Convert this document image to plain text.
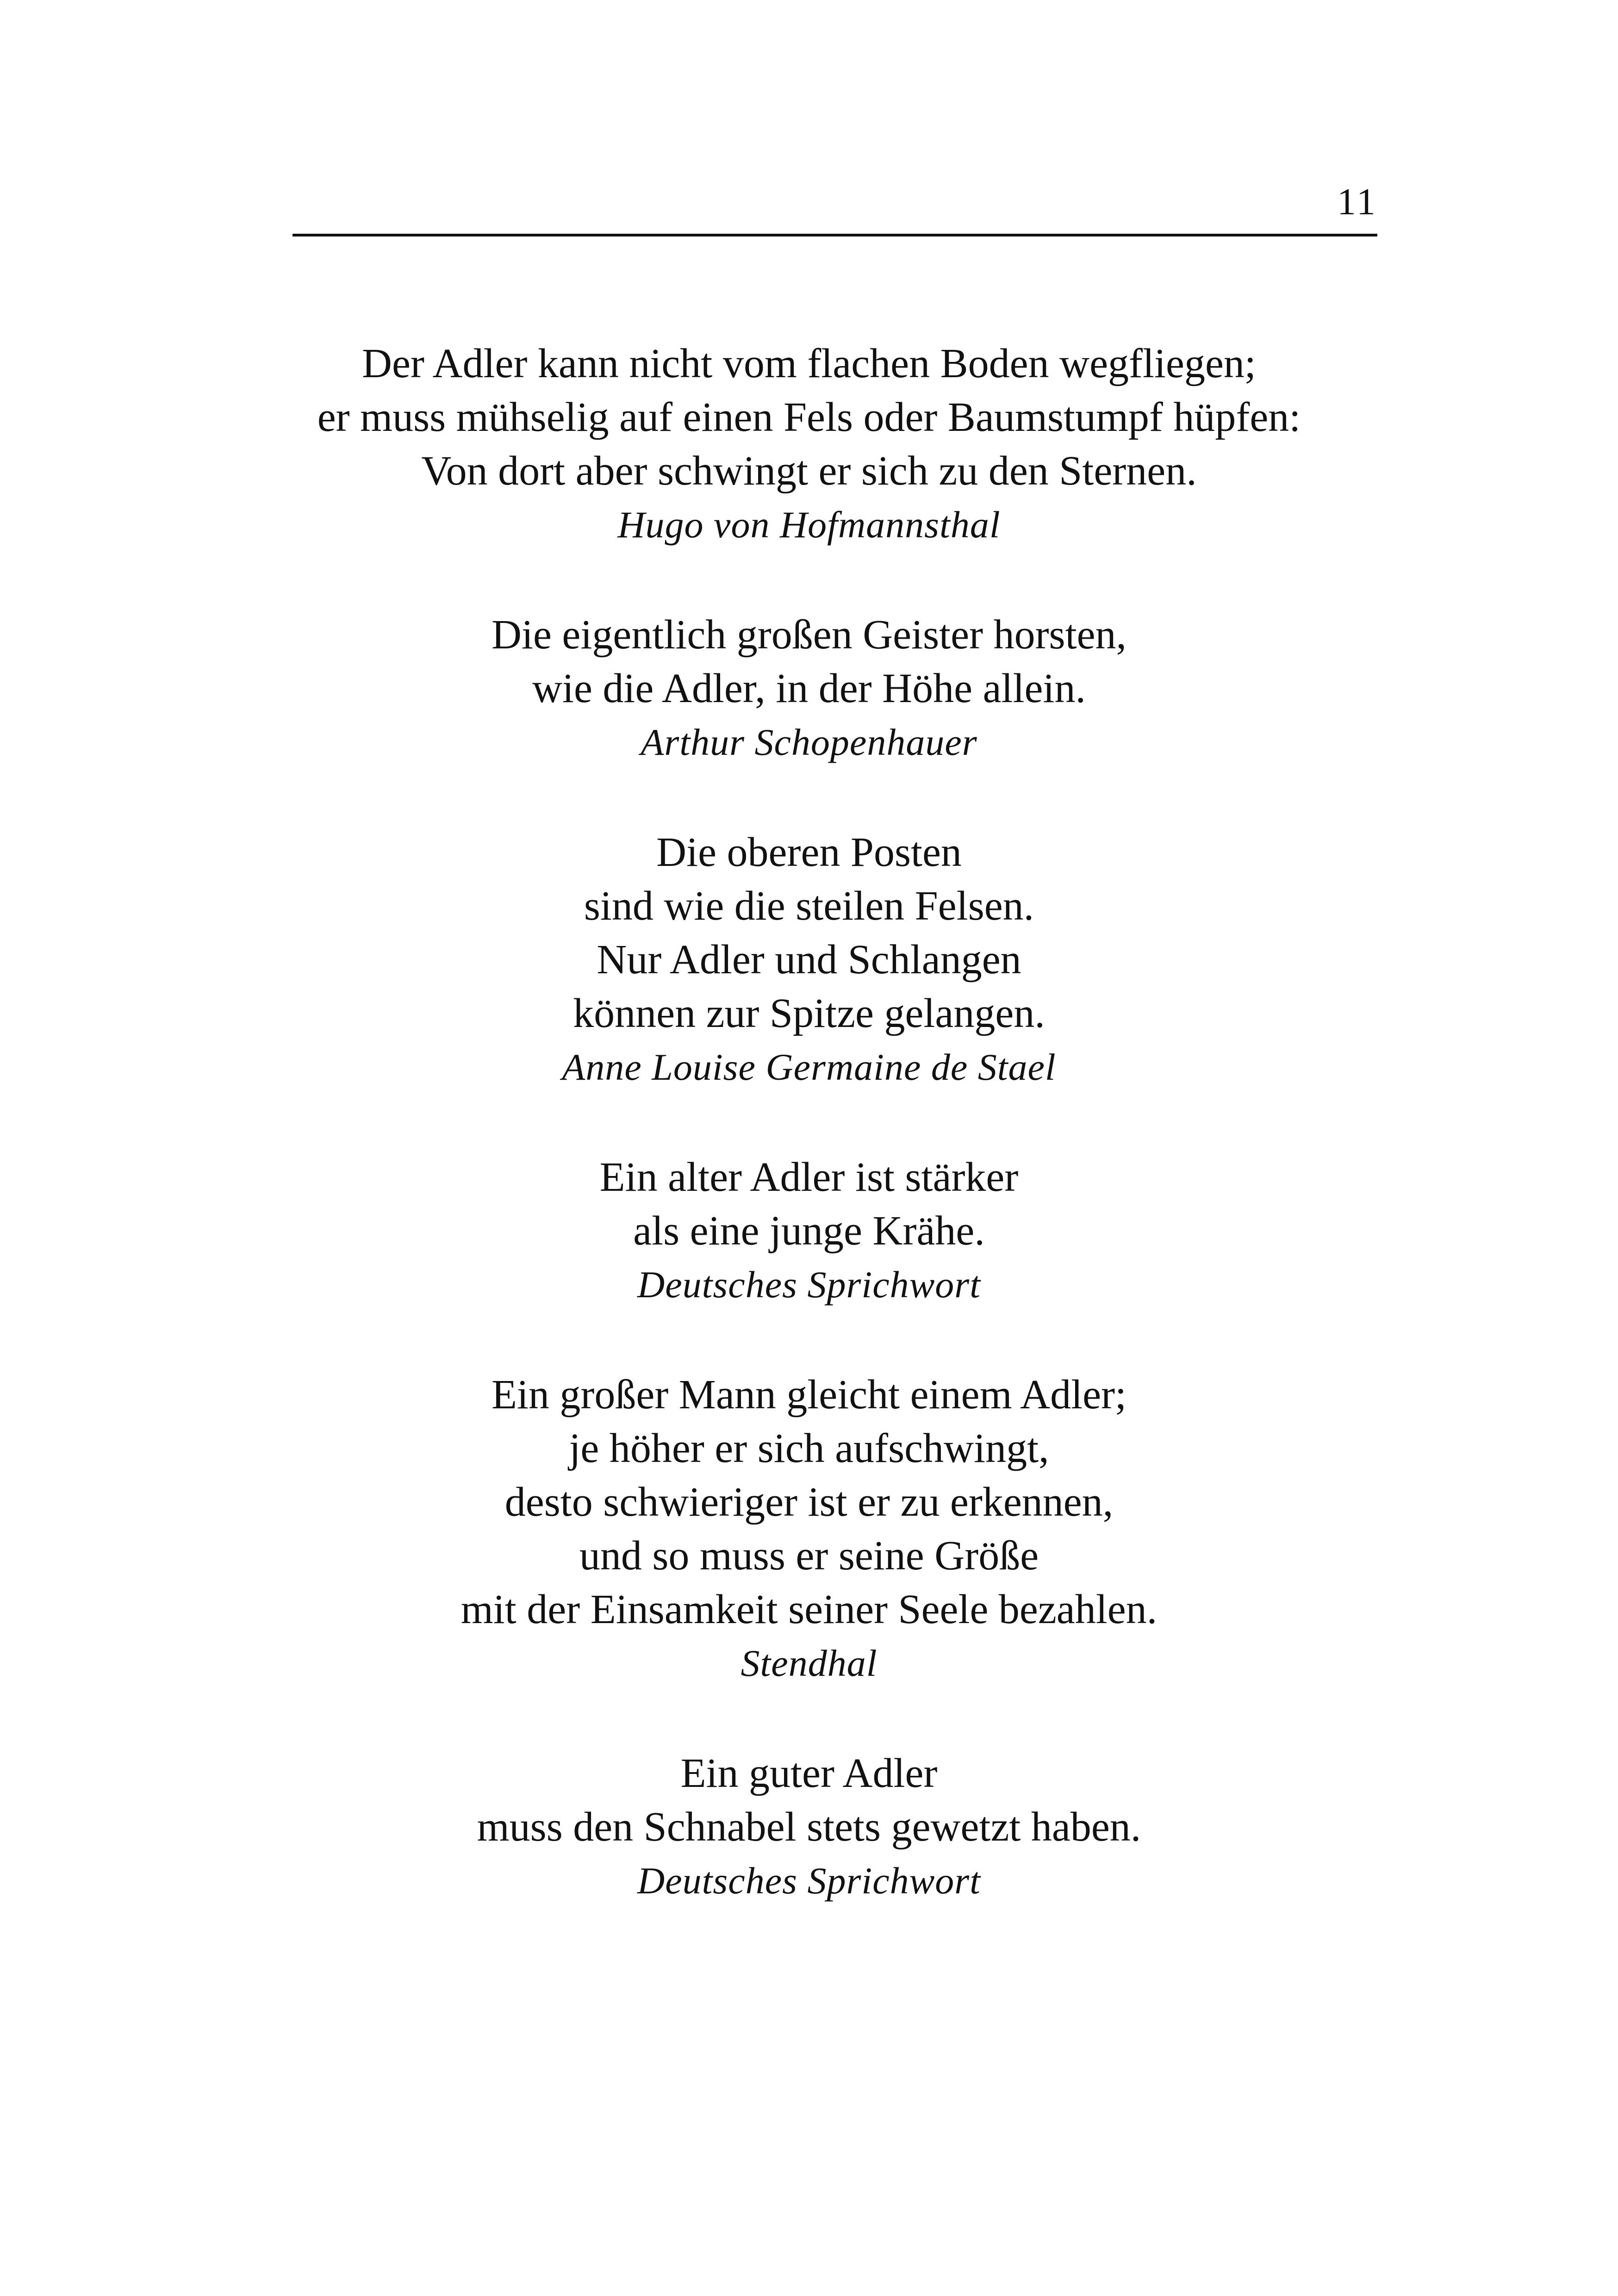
11
Der Adler kann nicht vom flachen Boden wegfliegen;
er muss mühselig auf einen Fels oder Baumstumpf hüpfen:
Von dort aber schwingt er sich zu den Sternen.
Hugo von Hofmannsthal
Die eigentlich großen Geister horsten,
wie die Adler, in der Höhe allein.
Arthur Schopenhauer
Die oberen Posten
sind wie die steilen Felsen.
Nur Adler und Schlangen
können zur Spitze gelangen.
Anne Louise Germaine de Stael
Ein alter Adler ist stärker
als eine junge Krähe.
Deutsches Sprichwort
Ein großer Mann gleicht einem Adler;
je höher er sich aufschwingt,
desto schwieriger ist er zu erkennen,
und so muss er seine Größe
mit der Einsamkeit seiner Seele bezahlen.
Stendhal
Ein guter Adler
muss den Schnabel stets gewetzt haben.
Deutsches Sprichwort
